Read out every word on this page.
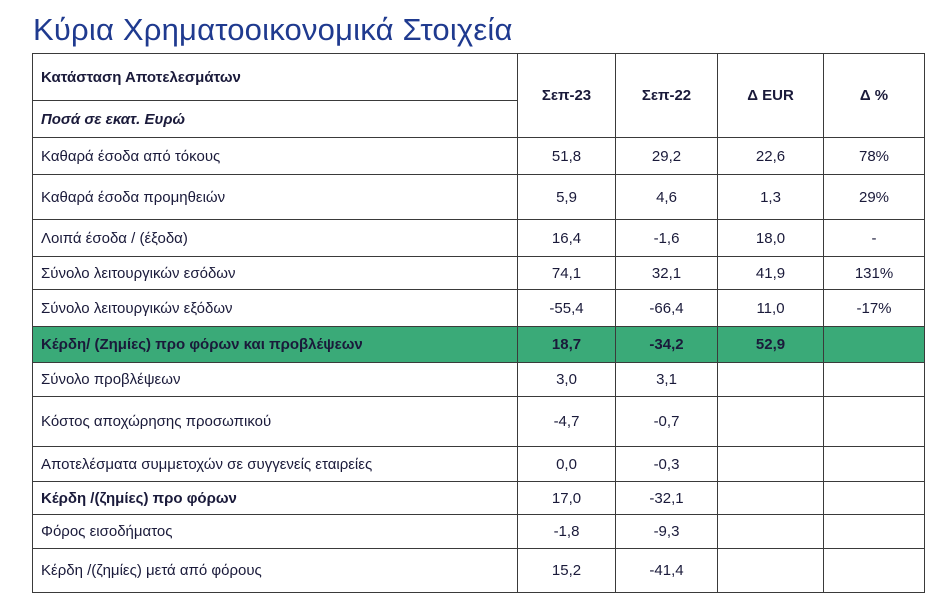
Κύρια Χρηματοοικονομικά Στοιχεία
Κατάσταση Αποτελεσμάτων	Σεπ-23	Σεπ-22	Δ EUR	Δ %
Ποσά σε εκατ. Ευρώ				
Καθαρά έσοδα από τόκους	51,8	29,2	22,6	78%
Καθαρά έσοδα προμηθειών	5,9	4,6	1,3	29%
Λοιπά έσοδα / (έξοδα)	16,4	-1,6	18,0	-
Σύνολο λειτουργικών εσόδων	74,1	32,1	41,9	131%
Σύνολο λειτουργικών εξόδων	-55,4	-66,4	11,0	-17%
Κέρδη/ (Ζημίες) προ φόρων και προβλέψεων	18,7	-34,2	52,9	
Σύνολο προβλέψεων	3,0	3,1		
Κόστος αποχώρησης προσωπικού	-4,7	-0,7		
Αποτελέσματα συμμετοχών σε συγγενείς εταιρείες	0,0	-0,3		
Κέρδη /(ζημίες) προ φόρων	17,0	-32,1		
Φόρος εισοδήματος	-1,8	-9,3		
Κέρδη /(ζημίες) μετά από φόρους	15,2	-41,4		
